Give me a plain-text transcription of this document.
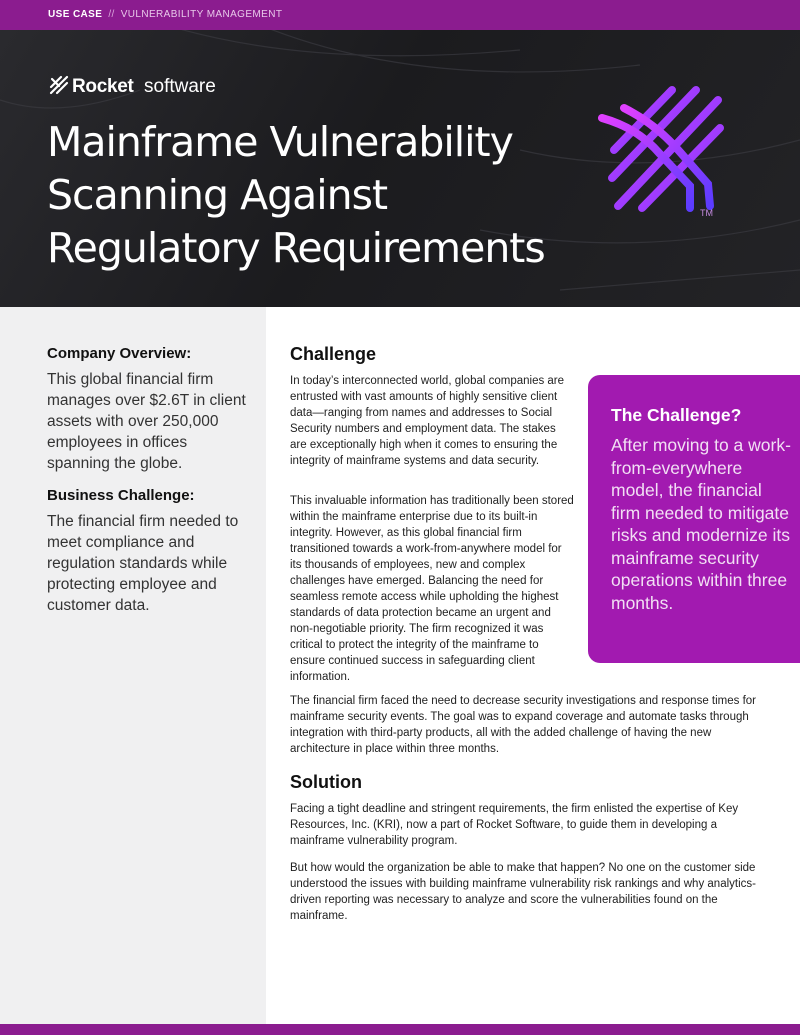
USE CASE // VULNERABILITY MANAGEMENT
Rocket software
Mainframe Vulnerability
Scanning Against
Regulatory Requirements
TM
Company Overview:

This global financial firm manages over $2.6T in client assets with over 250,000 employees in offices spanning the globe.

Business Challenge:

The financial firm needed to meet compliance and regulation standards while protecting employee and customer data.

Challenge

In today’s interconnected world, global companies are entrusted with vast amounts of highly sensitive client data—ranging from names and addresses to Social Security numbers and employment data. The stakes are exceptionally high when it comes to ensuring the integrity of mainframe systems and data security.

This invaluable information has traditionally been stored within the mainframe enterprise due to its built-in integrity. However, as this global financial firm transitioned towards a work-from-anywhere model for its thousands of employees, new and complex challenges have emerged. Balancing the need for seamless remote access while upholding the highest standards of data protection became an urgent and non-negotiable priority. The firm recognized it was critical to protect the integrity of the mainframe to ensure continued success in safeguarding client information.

The financial firm faced the need to decrease security investigations and response times for mainframe security events. The goal was to expand coverage and automate tasks through integration with third-party products, all with the added challenge of having the new architecture in place within three months.

Solution

Facing a tight deadline and stringent requirements, the firm enlisted the expertise of Key Resources, Inc. (KRI), now a part of Rocket Software, to guide them in developing a mainframe vulnerability program.

But how would the organization be able to make that happen? No one on the customer side understood the issues with building mainframe vulnerability risk rankings and why analytics-driven reporting was necessary to analyze and score the vulnerabilities found on the mainframe.

The Challenge?

After moving to a work-from-everywhere model, the financial firm needed to mitigate risks and modernize its mainframe security operations within three months.
